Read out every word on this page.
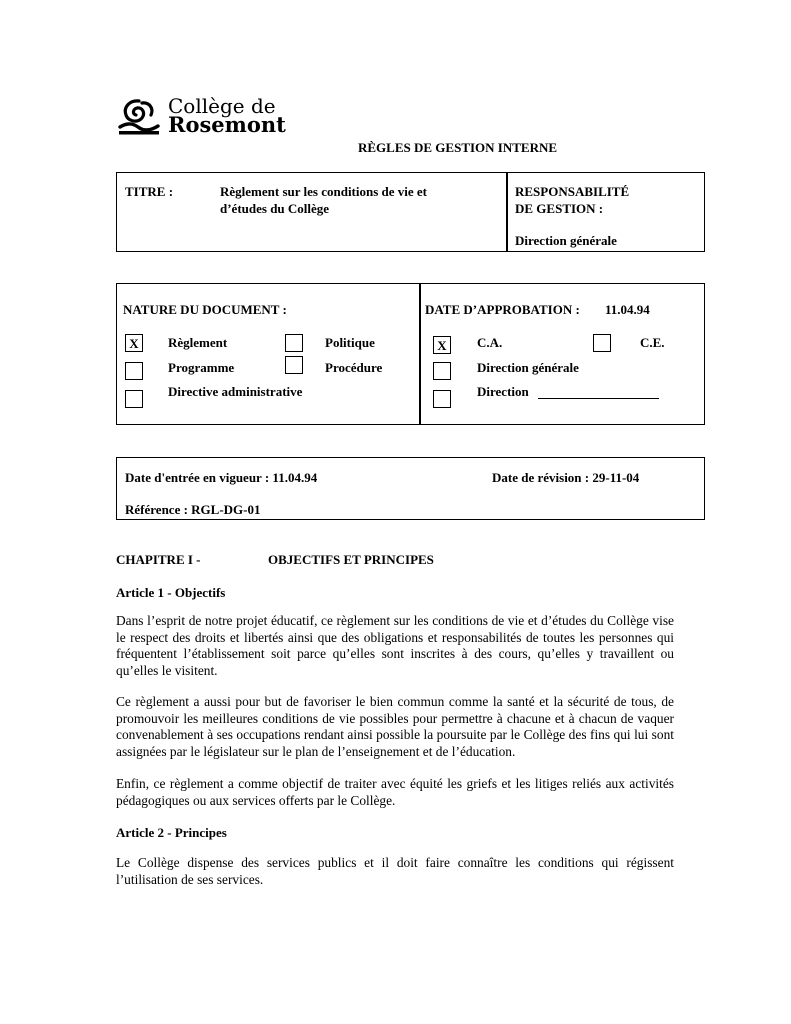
Collège de
Rosemont
RÈGLES DE GESTION INTERNE
TITRE :	Règlement sur les conditions de vie et
d’études du Collège
RESPONSABILITÉ
DE GESTION :
Direction générale
NATURE DU DOCUMENT :
X	Règlement	Politique
Programme	Procédure
Directive administrative
DATE D’APPROBATION : 11.04.94
X	C.A.	C.E.
Direction générale
Direction
Date d'entrée en vigueur : 11.04.94	Date de révision : 29-11-04
Référence : RGL-DG-01
CHAPITRE I -	OBJECTIFS ET PRINCIPES
Article 1 - Objectifs
Dans l’esprit de notre projet éducatif, ce règlement sur les conditions de vie et d’études du Collège vise le respect des droits et libertés ainsi que des obligations et responsabilités de toutes les personnes qui fréquentent l’établissement soit parce qu’elles sont inscrites à des cours, qu’elles y travaillent ou qu’elles le visitent.
Ce règlement a aussi pour but de favoriser le bien commun comme la santé et la sécurité de tous, de promouvoir les meilleures conditions de vie possibles pour permettre à chacune et à chacun de vaquer convenablement à ses occupations rendant ainsi possible la poursuite par le Collège des fins qui lui sont assignées par le législateur sur le plan de l’enseignement et de l’éducation.
Enfin, ce règlement a comme objectif de traiter avec équité les griefs et les litiges reliés aux activités pédagogiques ou aux services offerts par le Collège.
Article 2 - Principes
Le Collège dispense des services publics et il doit faire connaître les conditions qui régissent l’utilisation de ses services.
